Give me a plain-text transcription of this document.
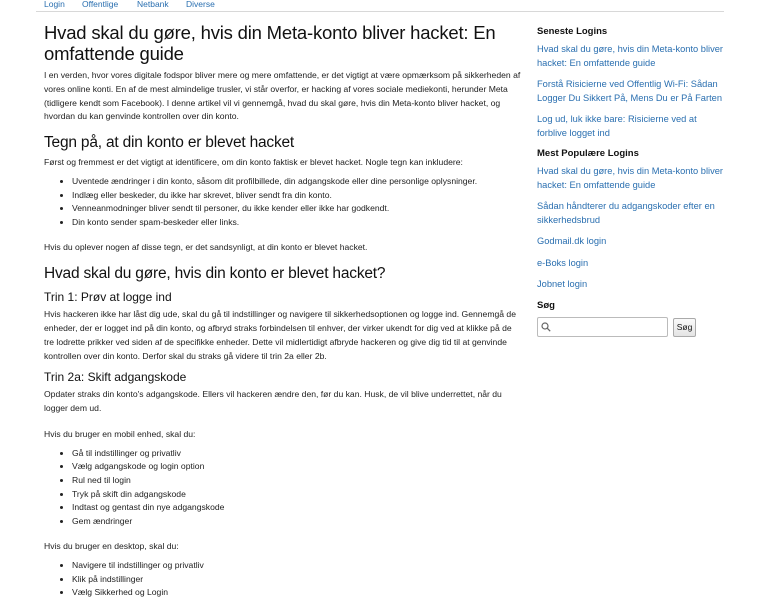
Login Offentlige Netbank Diverse
Hvad skal du gøre, hvis din Meta-konto bliver hacket: En omfattende guide

I en verden, hvor vores digitale fodspor bliver mere og mere omfattende, er det vigtigt at være opmærksom på sikkerheden af vores online konti. En af de mest almindelige trusler, vi står overfor, er hacking af vores sociale mediekonti, herunder Meta (tidligere kendt som Facebook). I denne artikel vil vi gennemgå, hvad du skal gøre, hvis din Meta-konto bliver hacket, og hvordan du kan genvinde kontrollen over din konto.

Tegn på, at din konto er blevet hacket

Først og fremmest er det vigtigt at identificere, om din konto faktisk er blevet hacket. Nogle tegn kan inkludere:

• Uventede ændringer i din konto, såsom dit profilbillede, din adgangskode eller dine personlige oplysninger.
• Indlæg eller beskeder, du ikke har skrevet, bliver sendt fra din konto.
• Venneanmodninger bliver sendt til personer, du ikke kender eller ikke har godkendt.
• Din konto sender spam-beskeder eller links.

Hvis du oplever nogen af disse tegn, er det sandsynligt, at din konto er blevet hacket.

Hvad skal du gøre, hvis din konto er blevet hacket?
Trin 1: Prøv at logge ind

Hvis hackeren ikke har låst dig ude, skal du gå til indstillinger og navigere til sikkerhedsoptionen og logge ind. Gennemgå de enheder, der er logget ind på din konto, og afbryd straks forbindelsen til enhver, der virker ukendt for dig ved at klikke på de tre lodrette prikker ved siden af de specifikke enheder. Dette vil midlertidigt afbryde hackeren og give dig tid til at genvinde kontrollen over din konto. Derfor skal du straks gå videre til trin 2a eller 2b.

Trin 2a: Skift adgangskode

Opdater straks din konto's adgangskode. Ellers vil hackeren ændre den, før du kan. Husk, de vil blive underrettet, når du logger dem ud.

Hvis du bruger en mobil enhed, skal du:

• Gå til indstillinger og privatliv
• Vælg adgangskode og login option
• Rul ned til login
• Tryk på skift din adgangskode
• Indtast og gentast din nye adgangskode
• Gem ændringer

Hvis du bruger en desktop, skal du:

• Navigere til indstillinger og privatliv
• Klik på indstillinger
• Vælg Sikkerhed og Login
Seneste Logins
Hvad skal du gøre, hvis din Meta-konto bliver hacket: En omfattende guide
Forstå Risicierne ved Offentlig Wi-Fi: Sådan Logger Du Sikkert På, Mens Du er På Farten
Log ud, luk ikke bare: Risicierne ved at forblive logget ind
Mest Populære Logins
Hvad skal du gøre, hvis din Meta-konto bliver hacket: En omfattende guide
Sådan håndterer du adgangskoder efter en sikkerhedsbrud
Godmail.dk login
e-Boks login
Jobnet login
Søg
Søg
